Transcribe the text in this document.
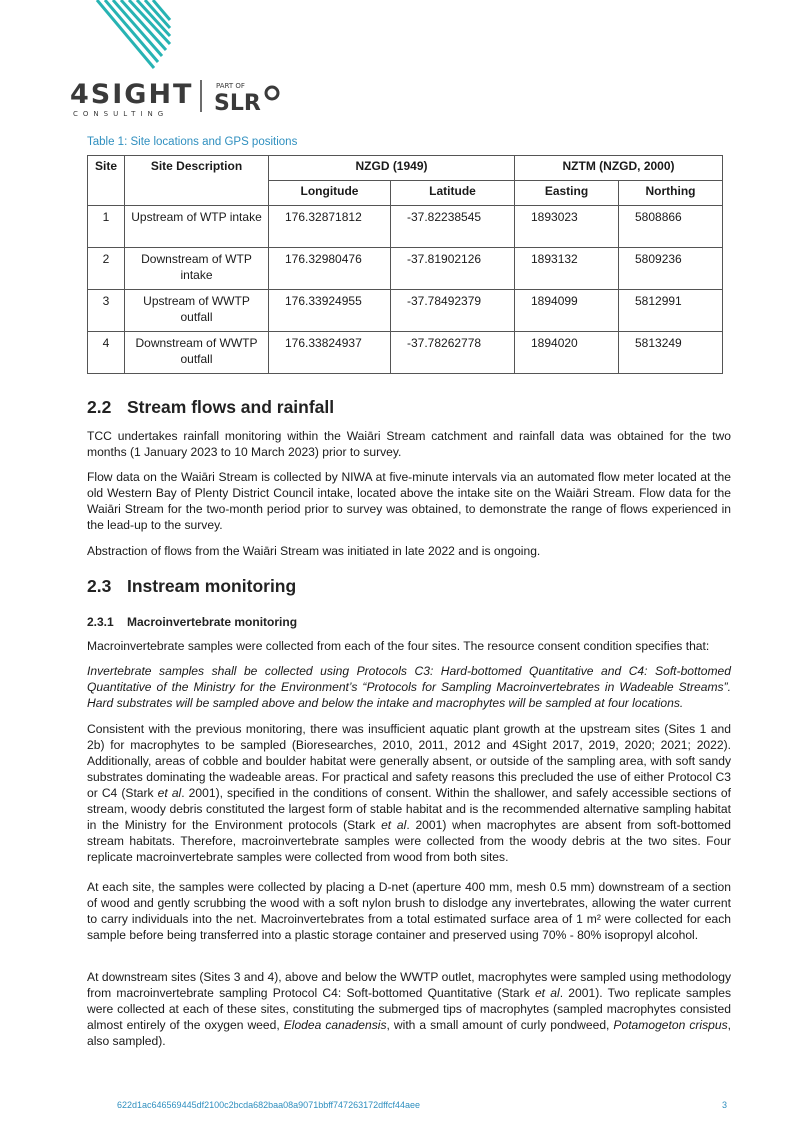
4SIGHT
CONSULTING
PART OF
SLR
Table 1: Site locations and GPS positions
Site	Site Description	NZGD (1949)		NZTM (NZGD, 2000)	
		Longitude	Latitude	Easting	Northing
1	Upstream of WTP intake	176.32871812	-37.82238545	1893023	5808866
2	Downstream of WTP intake	176.32980476	-37.81902126	1893132	5809236
3	Upstream of WWTP outfall	176.33924955	-37.78492379	1894099	5812991
4	Downstream of WWTP outfall	176.33824937	-37.78262778	1894020	5813249
2.2 Stream flows and rainfall
TCC undertakes rainfall monitoring within the Waiāri Stream catchment and rainfall data was obtained for the two months (1 January 2023 to 10 March 2023) prior to survey.
Flow data on the Waiāri Stream is collected by NIWA at five-minute intervals via an automated flow meter located at the old Western Bay of Plenty District Council intake, located above the intake site on the Waiāri Stream. Flow data for the Waiāri Stream for the two-month period prior to survey was obtained, to demonstrate the range of flows experienced in the lead-up to the survey.
Abstraction of flows from the Waiāri Stream was initiated in late 2022 and is ongoing.
2.3 Instream monitoring
2.3.1 Macroinvertebrate monitoring
Macroinvertebrate samples were collected from each of the four sites. The resource consent condition specifies that:
Invertebrate samples shall be collected using Protocols C3: Hard-bottomed Quantitative and C4: Soft-bottomed Quantitative of the Ministry for the Environment’s “Protocols for Sampling Macroinvertebrates in Wadeable Streams”. Hard substrates will be sampled above and below the intake and macrophytes will be sampled at four locations.
Consistent with the previous monitoring, there was insufficient aquatic plant growth at the upstream sites (Sites 1 and 2b) for macrophytes to be sampled (Bioresearches, 2010, 2011, 2012 and 4Sight 2017, 2019, 2020; 2021; 2022). Additionally, areas of cobble and boulder habitat were generally absent, or outside of the sampling area, with soft sandy substrates dominating the wadeable areas. For practical and safety reasons this precluded the use of either Protocol C3 or C4 (Stark et al. 2001), specified in the conditions of consent. Within the shallower, and safely accessible sections of stream, woody debris constituted the largest form of stable habitat and is the recommended alternative sampling habitat in the Ministry for the Environment protocols (Stark et al. 2001) when macrophytes are absent from soft-bottomed stream habitats. Therefore, macroinvertebrate samples were collected from the woody debris at the two sites. Four replicate macroinvertebrate samples were collected from wood from both sites.
At each site, the samples were collected by placing a D-net (aperture 400 mm, mesh 0.5 mm) downstream of a section of wood and gently scrubbing the wood with a soft nylon brush to dislodge any invertebrates, allowing the water current to carry individuals into the net. Macroinvertebrates from a total estimated surface area of 1 m² were collected for each sample before being transferred into a plastic storage container and preserved using 70% - 80% isopropyl alcohol.
At downstream sites (Sites 3 and 4), above and below the WWTP outlet, macrophytes were sampled using methodology from macroinvertebrate sampling Protocol C4: Soft-bottomed Quantitative (Stark et al. 2001). Two replicate samples were collected at each of these sites, constituting the submerged tips of macrophytes (sampled macrophytes consisted almost entirely of the oxygen weed, Elodea canadensis, with a small amount of curly pondweed, Potamogeton crispus, also sampled).
622d1ac646569445df2100c2bcda682baa08a9071bbff747263172dffcf44aee	3
